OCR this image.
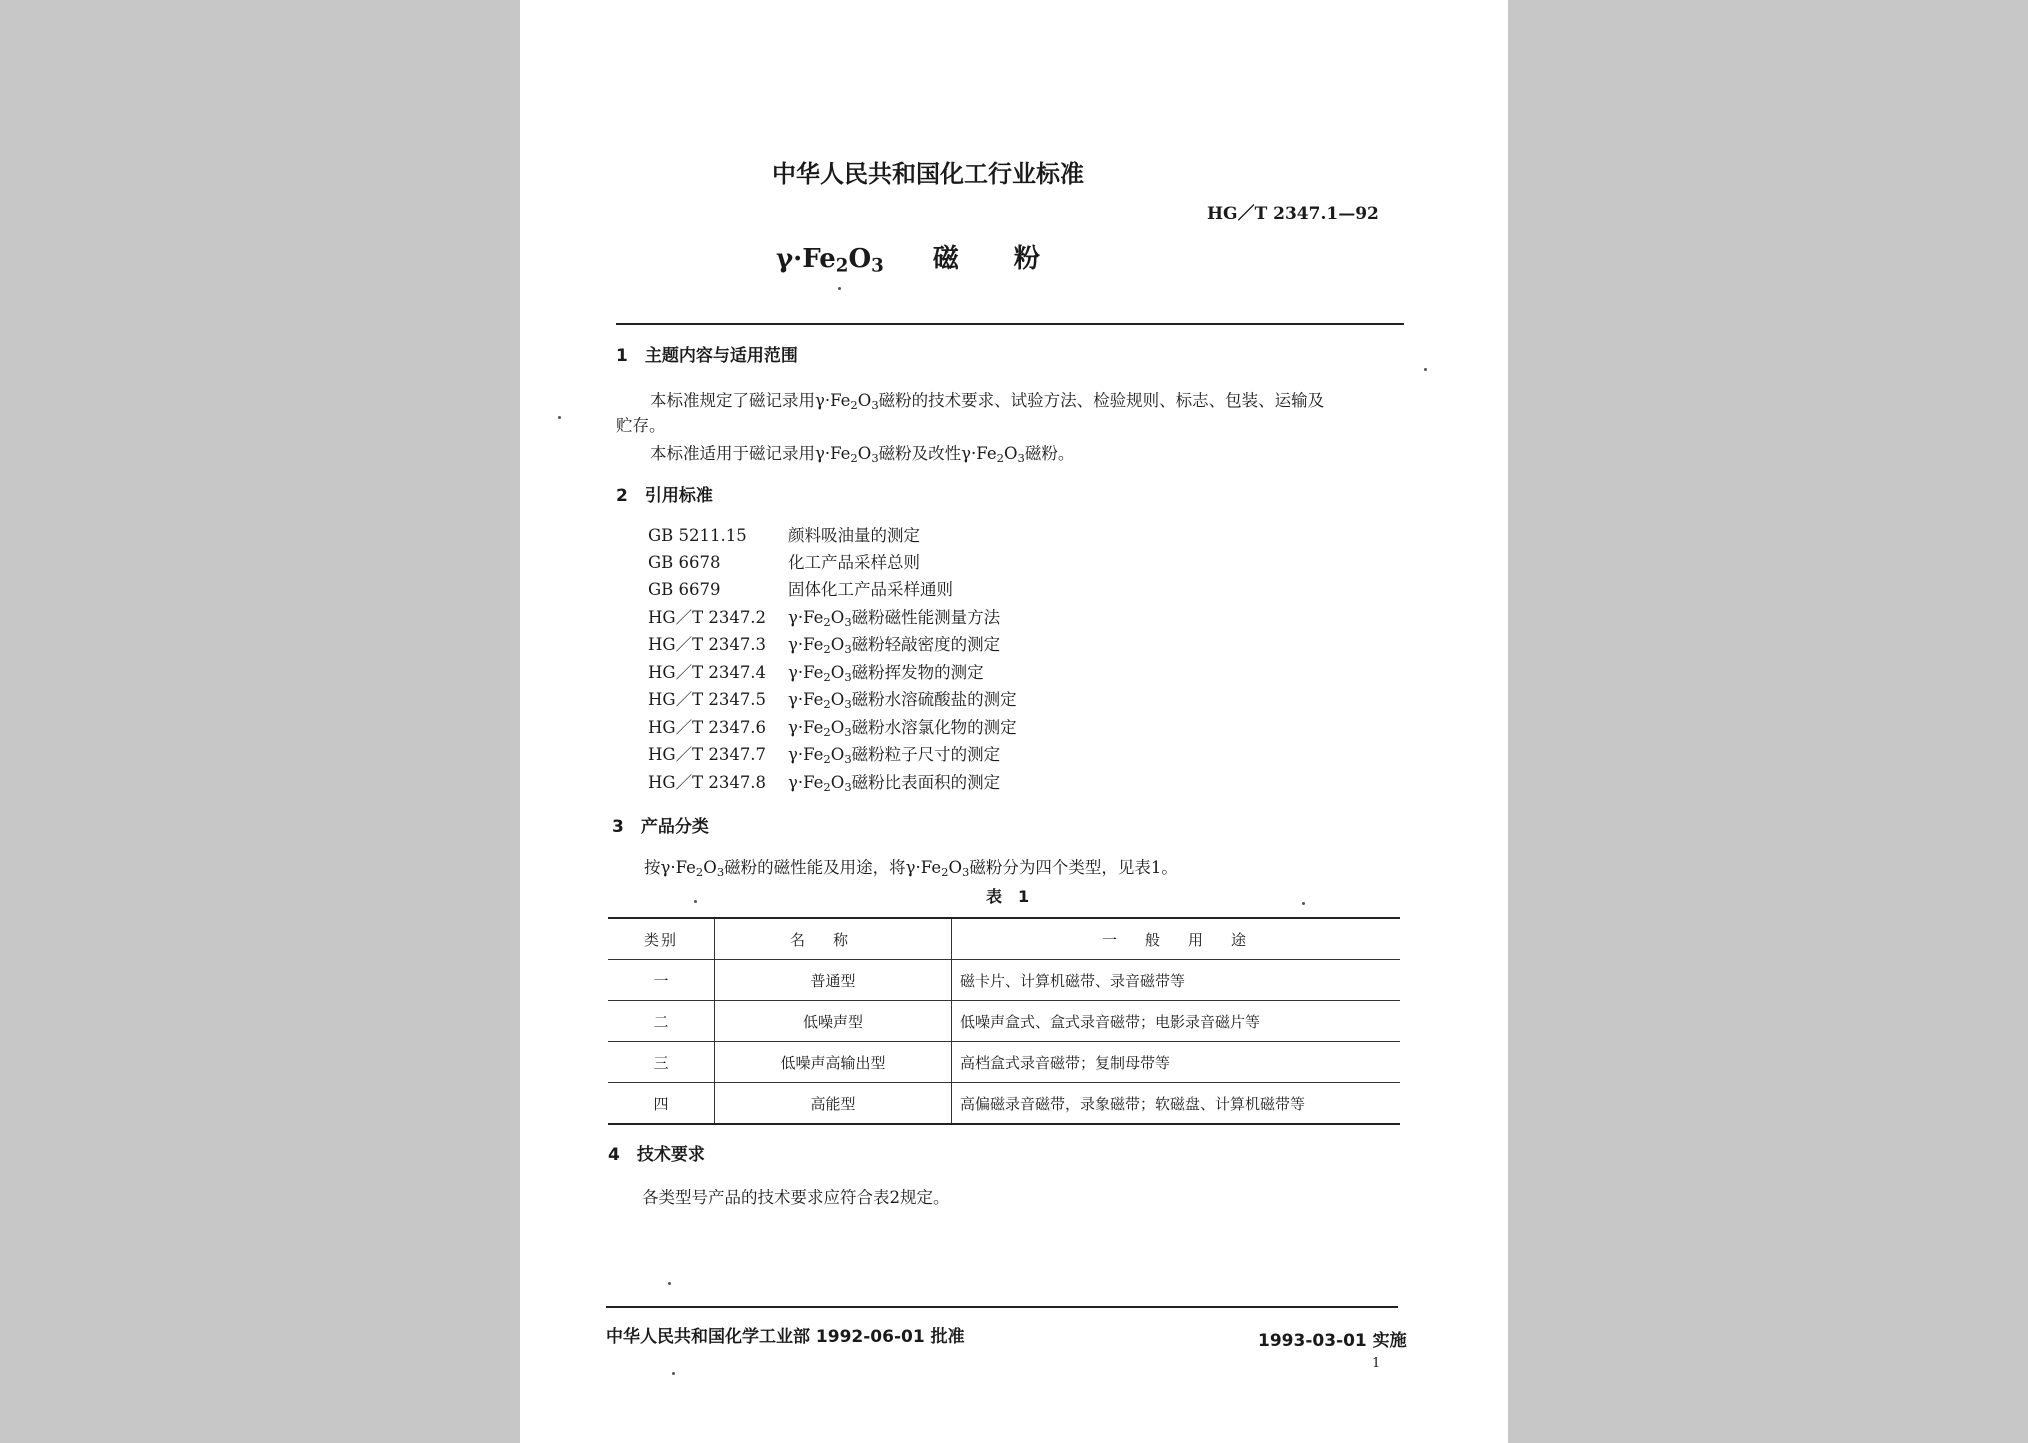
中华人民共和国化工行业标准
HG／T 2347.1—92
$\gamma\cdot Fe_2O_3$ 磁 粉
1　主题内容与适用范围
本标准规定了磁记录用$\gamma\cdot Fe_2O_3$磁粉的技术要求、试验方法、检验规则、标志、包装、运输及
贮存。
本标准适用于磁记录用$\gamma\cdot Fe_2O_3$磁粉及改性$\gamma\cdot Fe_2O_3$磁粉。
2　引用标准
GB 5211.15 颜料吸油量的测定
GB 6678	化工产品采样总则
GB 6679	固体化工产品采样通则
HG／T 2347.2 $\gamma\cdot Fe_2O_3$磁粉磁性能测量方法
HG／T 2347.3 $\gamma\cdot Fe_2O_3$磁粉轻敲密度的测定
HG／T 2347.4 $\gamma\cdot Fe_2O_3$磁粉挥发物的测定
HG／T 2347.5 $\gamma\cdot Fe_2O_3$磁粉水溶硫酸盐的测定
HG／T 2347.6 $\gamma\cdot Fe_2O_3$磁粉水溶氯化物的测定
HG／T 2347.7 $\gamma\cdot Fe_2O_3$磁粉粒子尺寸的测定
HG／T 2347.8 $\gamma\cdot Fe_2O_3$磁粉比表面积的测定
3　产品分类
按$\gamma\cdot Fe_2O_3$磁粉的磁性能及用途，将$\gamma\cdot Fe_2O_3$磁粉分为四个类型，见表1。
表　1
类别	名称	一般用途
一	普通型	磁卡片、计算机磁带、录音磁带等
二	低噪声型	低噪声盒式、盒式录音磁带；电影录音磁片等
三	低噪声高输出型	高档盒式录音磁带；复制母带等
四	高能型	高偏磁录音磁带，录象磁带；软磁盘、计算机磁带等
4　技术要求
各类型号产品的技术要求应符合表2规定。
中华人民共和国化学工业部 1992-06-01 批准	1993-03-01 实施
1
